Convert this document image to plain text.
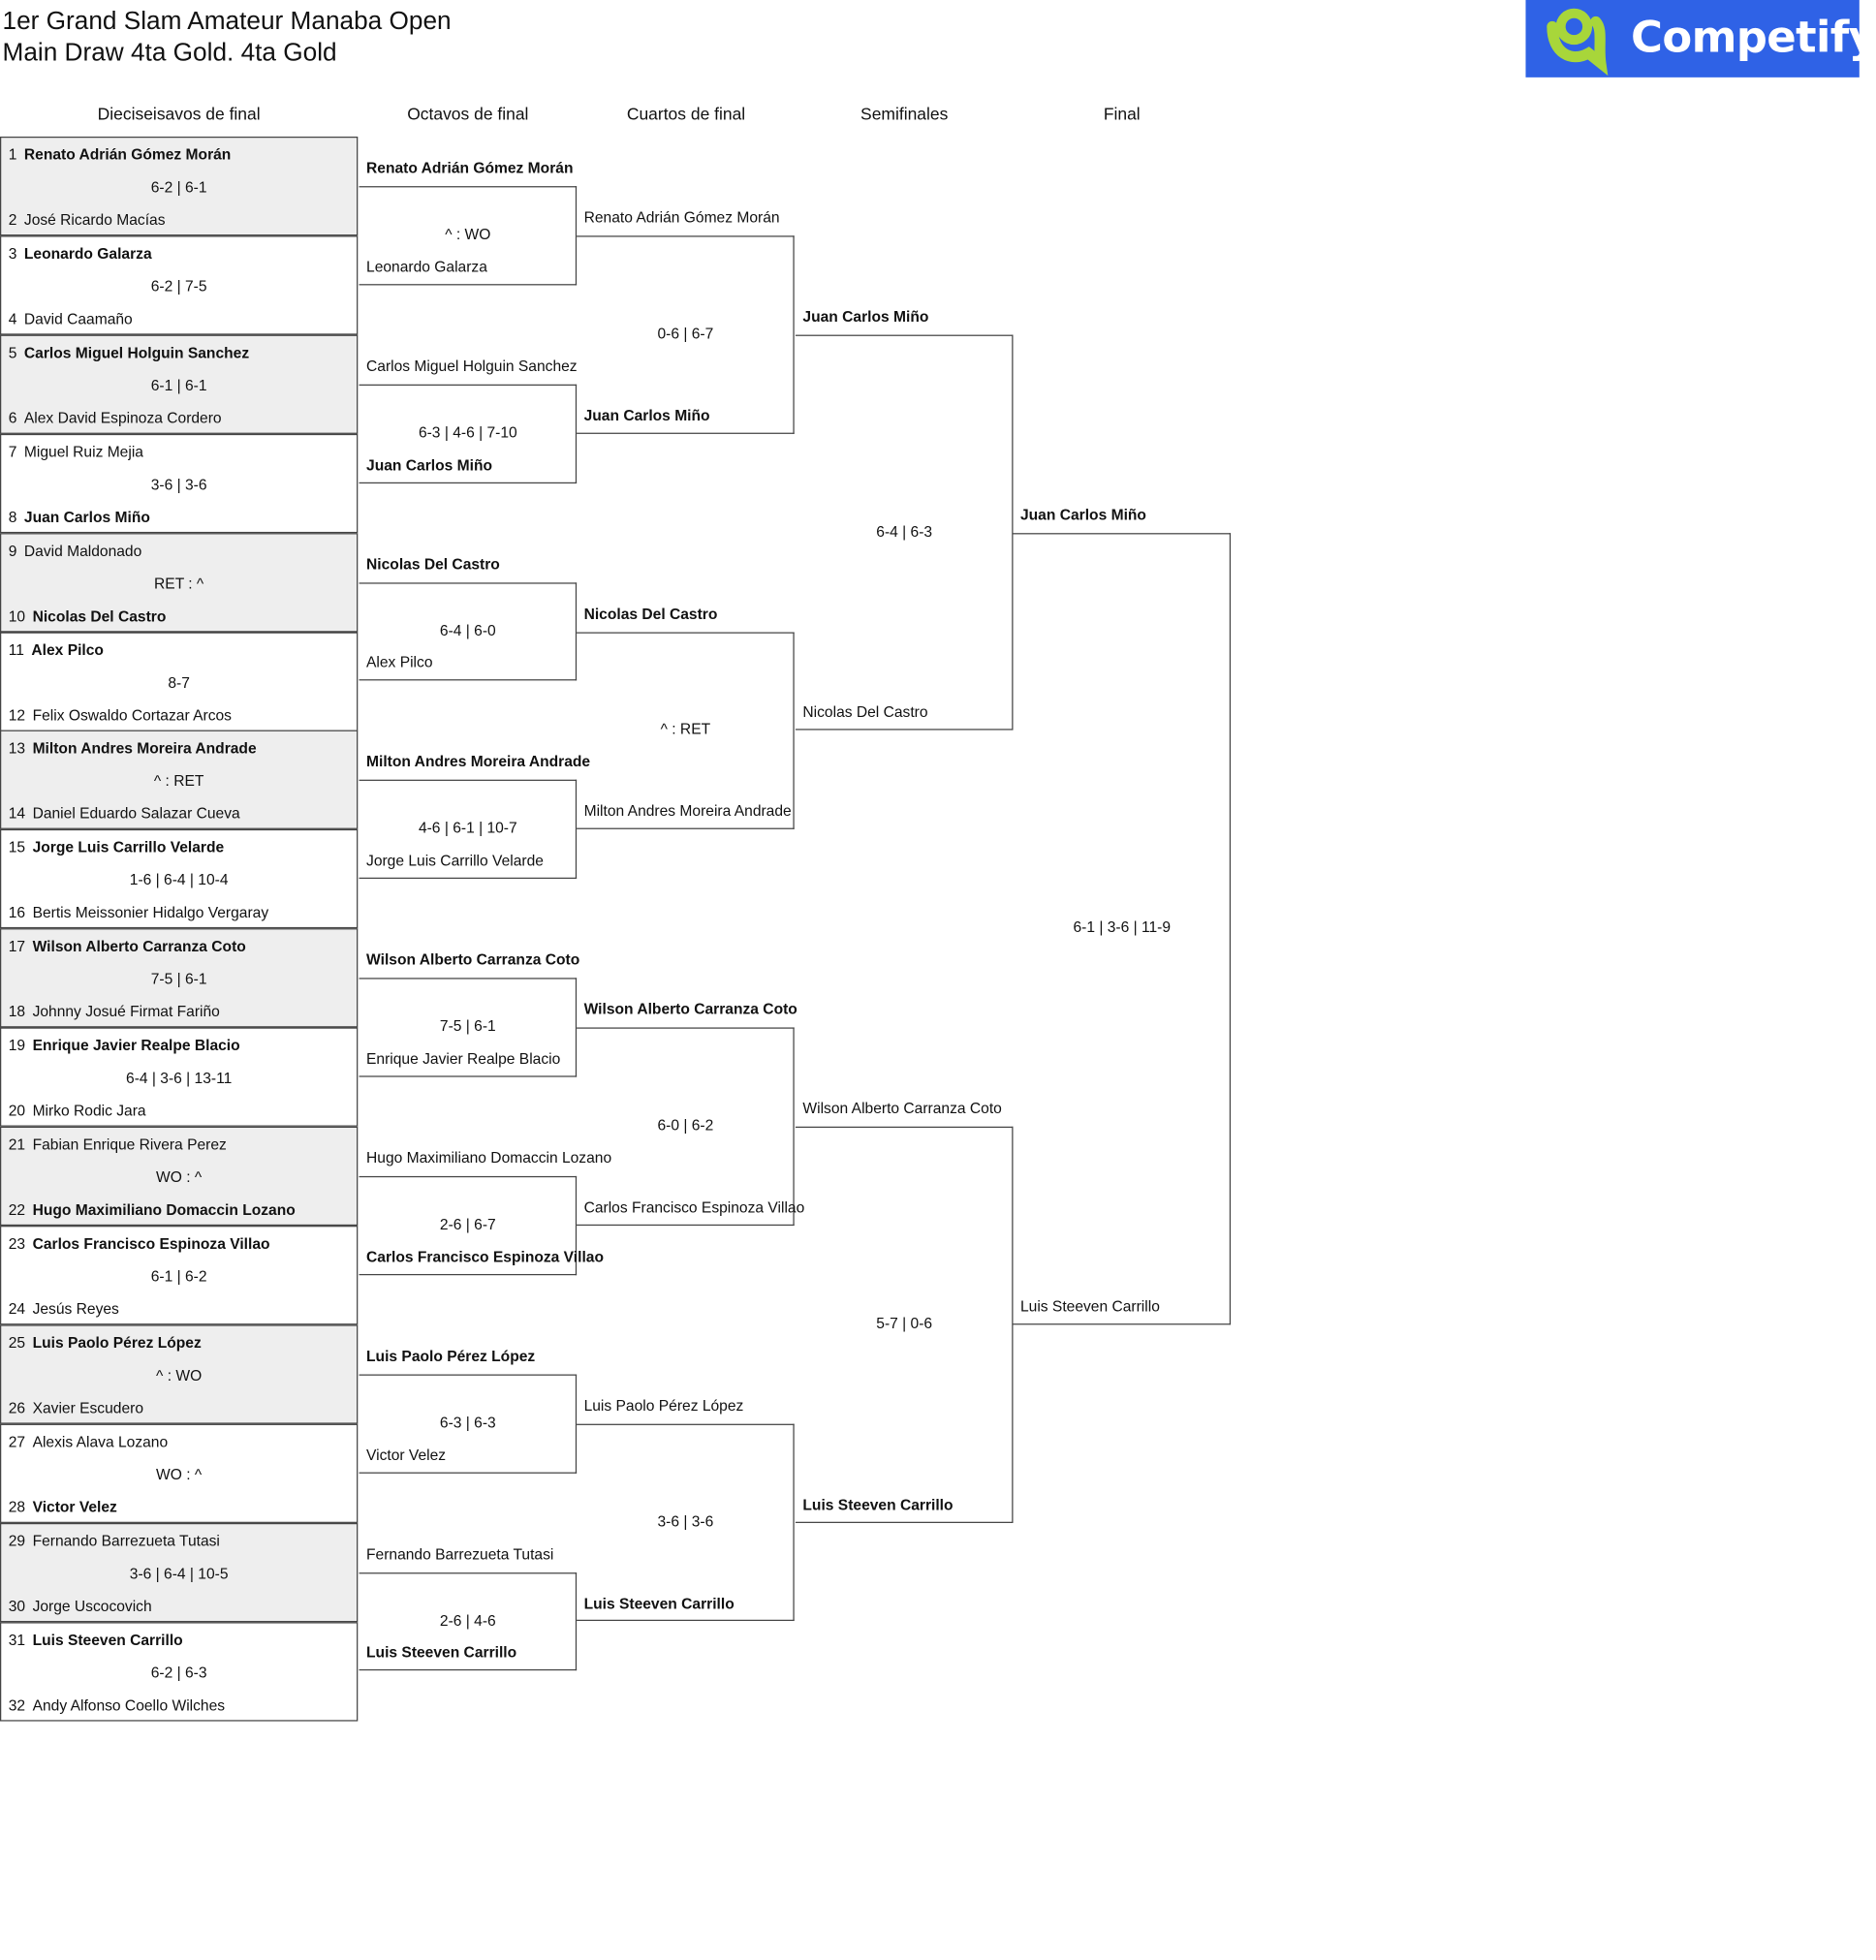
1er Grand Slam Amateur Manaba Open
Main Draw 4ta Gold. 4ta Gold	Competify
Dieciseisavos de final	Octavos de final	Cuartos de final	Semifinales	Final
1 Renato Adrián Gómez Morán
2 José Ricardo Macías
6-2 | 6-1
3 Leonardo Galarza
4 David Caamaño
6-2 | 7-5
5 Carlos Miguel Holguin Sanchez
6 Alex David Espinoza Cordero
6-1 | 6-1
7 Miguel Ruiz Mejia
8 Juan Carlos Miño
3-6 | 3-6
9 David Maldonado
10 Nicolas Del Castro
RET : ^
11 Alex Pilco
12 Felix Oswaldo Cortazar Arcos
8-7
13 Milton Andres Moreira Andrade
14 Daniel Eduardo Salazar Cueva
^ : RET
15 Jorge Luis Carrillo Velarde
16 Bertis Meissonier Hidalgo Vergaray
1-6 | 6-4 | 10-4
17 Wilson Alberto Carranza Coto
18 Johnny Josué Firmat Fariño
7-5 | 6-1
19 Enrique Javier Realpe Blacio
20 Mirko Rodic Jara
6-4 | 3-6 | 13-11
21 Fabian Enrique Rivera Perez
22 Hugo Maximiliano Domaccin Lozano
WO : ^
23 Carlos Francisco Espinoza Villao
24 Jesús Reyes
6-1 | 6-2
25 Luis Paolo Pérez López
26 Xavier Escudero
^ : WO
27 Alexis Alava Lozano
28 Victor Velez
WO : ^
29 Fernando Barrezueta Tutasi
30 Jorge Uscocovich
3-6 | 6-4 | 10-5
31 Luis Steeven Carrillo
32 Andy Alfonso Coello Wilches
6-2 | 6-3
Renato Adrián Gómez Morán
Leonardo Galarza
^ : WO
Carlos Miguel Holguin Sanchez
Juan Carlos Miño
6-3 | 4-6 | 7-10
Nicolas Del Castro
Alex Pilco
6-4 | 6-0
Milton Andres Moreira Andrade
Jorge Luis Carrillo Velarde
4-6 | 6-1 | 10-7
Wilson Alberto Carranza Coto
Enrique Javier Realpe Blacio
7-5 | 6-1
Hugo Maximiliano Domaccin Lozano
Carlos Francisco Espinoza Villao
2-6 | 6-7
Luis Paolo Pérez López
Victor Velez
6-3 | 6-3
Fernando Barrezueta Tutasi
Luis Steeven Carrillo
2-6 | 4-6
Renato Adrián Gómez Morán
Juan Carlos Miño
0-6 | 6-7
Nicolas Del Castro
Milton Andres Moreira Andrade
^ : RET
Wilson Alberto Carranza Coto
Carlos Francisco Espinoza Villao
6-0 | 6-2
Luis Paolo Pérez López
Luis Steeven Carrillo
3-6 | 3-6
Juan Carlos Miño
Nicolas Del Castro
6-4 | 6-3
Wilson Alberto Carranza Coto
Luis Steeven Carrillo
5-7 | 0-6
Juan Carlos Miño
Luis Steeven Carrillo
6-1 | 3-6 | 11-9
